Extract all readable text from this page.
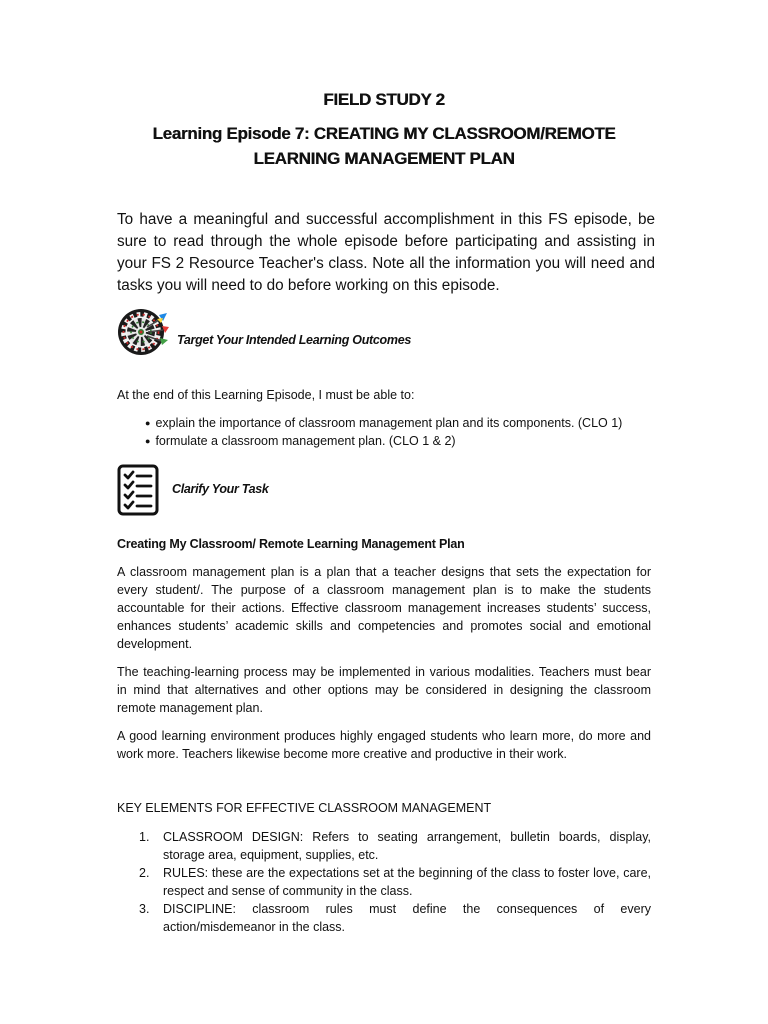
FIELD STUDY 2
Learning Episode 7: CREATING MY CLASSROOM/REMOTE
LEARNING MANAGEMENT PLAN
To have a meaningful and successful accomplishment in this FS episode, be sure to read through the whole episode before participating and assisting in your FS 2 Resource Teacher's class. Note all the information you will need and tasks you will need to do before working on this episode.
Target Your Intended Learning Outcomes
At the end of this Learning Episode, I must be able to:
● explain the importance of classroom management plan and its components. (CLO 1)
● formulate a classroom management plan. (CLO 1 & 2)
Clarify Your Task
Creating My Classroom/ Remote Learning Management Plan

A classroom management plan is a plan that a teacher designs that sets the expectation for every student/. The purpose of a classroom management plan is to make the students accountable for their actions. Effective classroom management increases students’ success, enhances students’ academic skills and competencies and promotes social and emotional development.

The teaching-learning process may be implemented in various modalities. Teachers must bear in mind that alternatives and other options may be considered in designing the classroom remote management plan.

A good learning environment produces highly engaged students who learn more, do more and work more. Teachers likewise become more creative and productive in their work.

KEY ELEMENTS FOR EFFECTIVE CLASSROOM MANAGEMENT
1. CLASSROOM DESIGN: Refers to seating arrangement, bulletin boards, display, storage area, equipment, supplies, etc.
2. RULES: these are the expectations set at the beginning of the class to foster love, care, respect and sense of community in the class.
3. DISCIPLINE: classroom rules must define the consequences of every action/misdemeanor in the class.
